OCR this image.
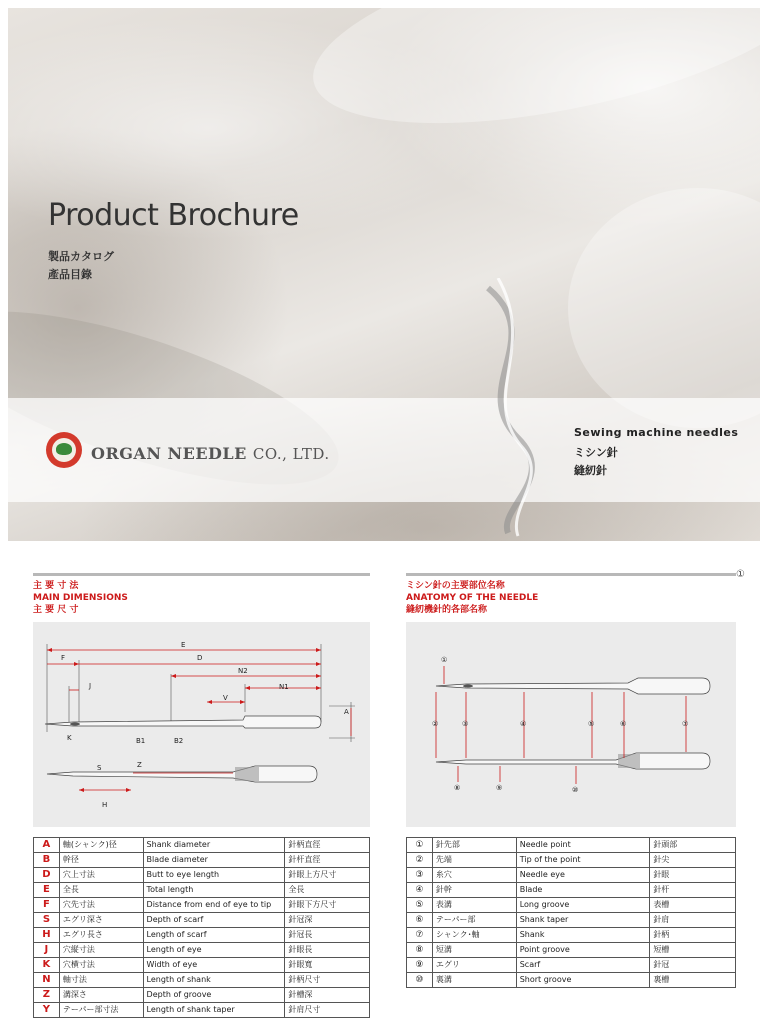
Product Brochure
製品カタログ
產品目錄
ORGAN NEEDLE CO., LTD.
Sewing machine needles
ミシン針
縫紉針
主 要 寸 法
MAIN DIMENSIONS
主 要 尺 寸
E
F	D
N2
J	N1
V
A
K	B1	B2
S	Z
H
A	軸(シャンク)径	Shank diameter	針柄直徑
B	幹径	Blade diameter	針杆直徑
D	穴上寸法	Butt to eye length	針眼上方尺寸
E	全長	Total length	全長
F	穴先寸法	Distance from end of eye to tip	針眼下方尺寸
S	エグリ深さ	Depth of scarf	針冠深
H	エグリ長さ	Length of scarf	針冠長
J	穴縦寸法	Length of eye	針眼長
K	穴横寸法	Width of eye	針眼寬
N	軸寸法	Length of shank	針柄尺寸
Z	溝深さ	Depth of groove	針槽深
Y	テーパー部寸法	Length of shank taper	針肩尺寸
①
ミシン針の主要部位名称
ANATOMY OF THE NEEDLE
縫紉機針的各部名称
①
②	③	④	⑤	⑥	⑦
⑧	⑨	⑩
①	針先部	Needle point	針頭部
②	先端	Tip of the point	針尖
③	糸穴	Needle eye	針眼
④	針幹	Blade	針杆
⑤	表溝	Long groove	表槽
⑥	テーパー部	Shank taper	針肩
⑦	シャンク･軸	Shank	針柄
⑧	短溝	Point groove	短槽
⑨	エグリ	Scarf	針冠
⑩	裏溝	Short groove	裏槽
